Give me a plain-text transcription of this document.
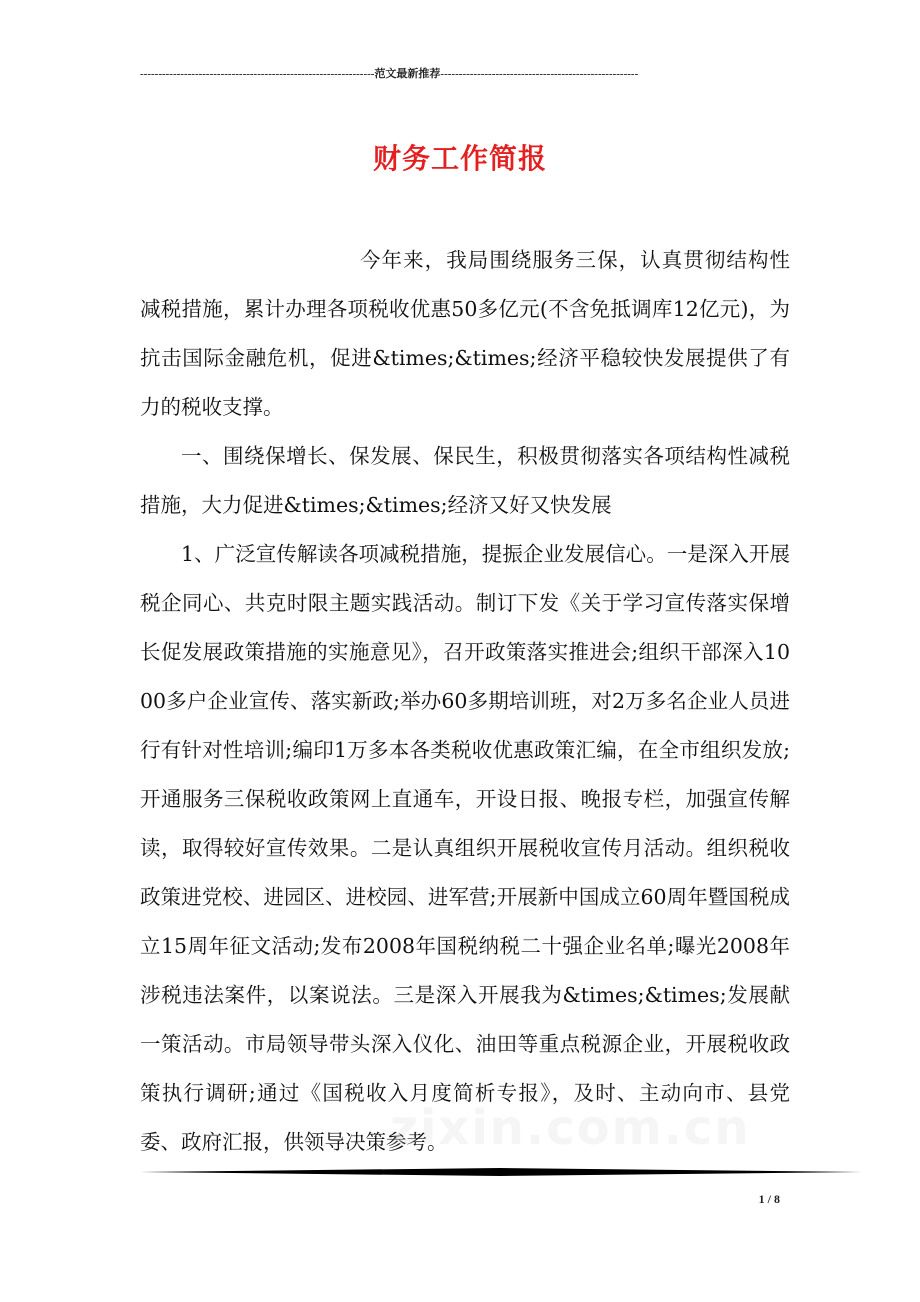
----------------------------------------------------------------范文最新推荐------------------------------------------------------
财务工作简报

今年来，我局围绕服务三保，认真贯彻结构性减税措施，累计办理各项税收优惠50多亿元(不含免抵调库12亿元)，为抗击国际金融危机，促进&times;&times;经济平稳较快发展提供了有力的税收支撑。

一、围绕保增长、保发展、保民生，积极贯彻落实各项结构性减税措施，大力促进&times;&times;经济又好又快发展

1、广泛宣传解读各项减税措施，提振企业发展信心。一是深入开展税企同心、共克时限主题实践活动。制订下发《关于学习宣传落实保增长促发展政策措施的实施意见》，召开政策落实推进会;组织干部深入1000多户企业宣传、落实新政;举办60多期培训班，对2万多名企业人员进行有针对性培训;编印1万多本各类税收优惠政策汇编，在全市组织发放;开通服务三保税收政策网上直通车，开设日报、晚报专栏，加强宣传解读，取得较好宣传效果。二是认真组织开展税收宣传月活动。组织税收政策进党校、进园区、进校园、进军营;开展新中国成立60周年暨国税成立15周年征文活动;发布2008年国税纳税二十强企业名单;曝光2008年涉税违法案件，以案说法。三是深入开展我为&times;&times;发展献一策活动。市局领导带头深入仪化、油田等重点税源企业，开展税收政策执行调研;通过《国税收入月度简析专报》，及时、主动向市、县党委、政府汇报，供领导决策参考。

zixin.com.cn
1 / 8
